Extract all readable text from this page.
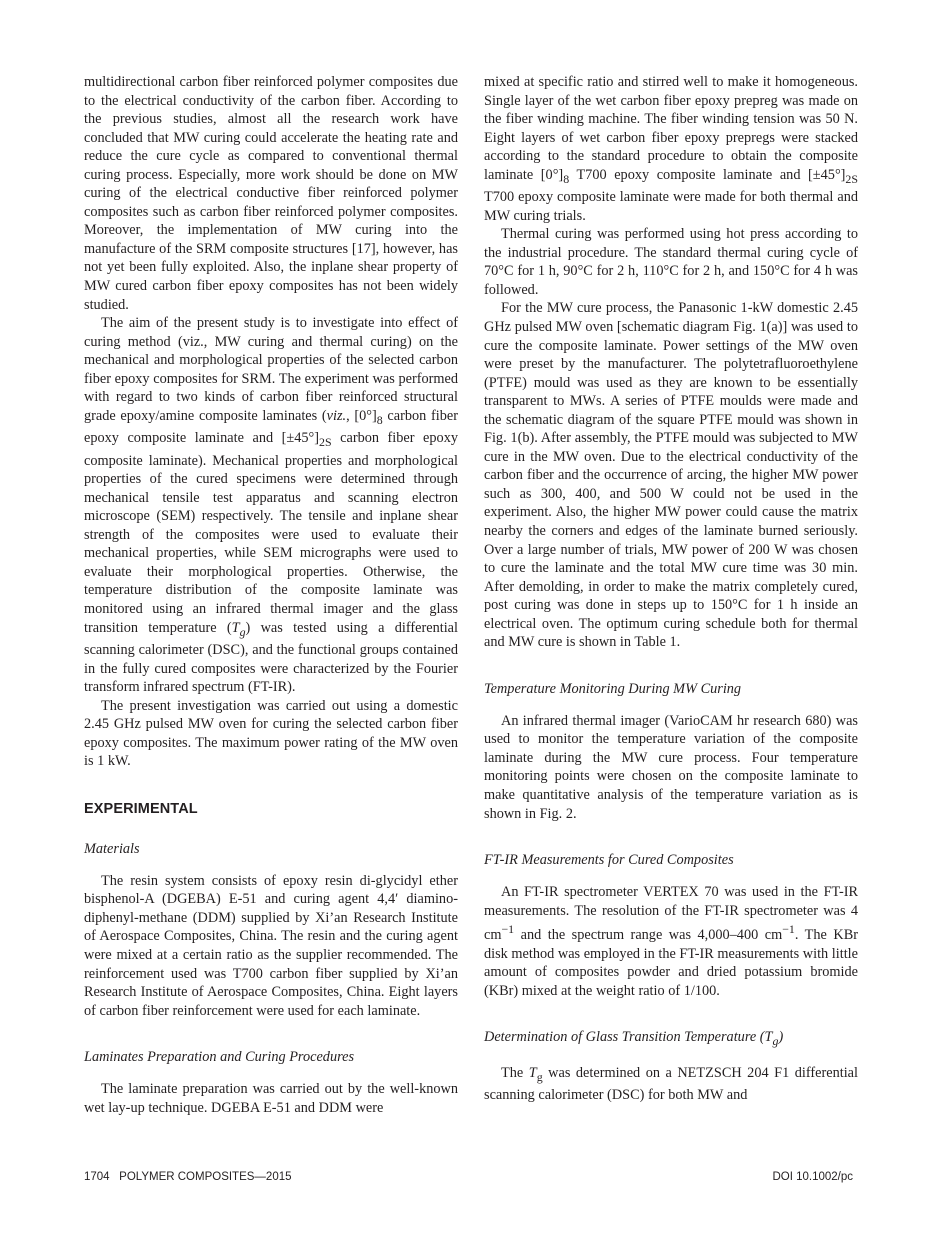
multidirectional carbon fiber reinforced polymer composites due to the electrical conductivity of the carbon fiber. According to the previous studies, almost all the research work have concluded that MW curing could accelerate the heating rate and reduce the cure cycle as compared to conventional thermal curing process. Especially, more work should be done on MW curing of the electrical conductive fiber reinforced polymer composites such as carbon fiber reinforced polymer composites. Moreover, the implementation of MW curing into the manufacture of the SRM composite structures [17], however, has not yet been fully exploited. Also, the inplane shear property of MW cured carbon fiber epoxy composites has not been widely studied.

The aim of the present study is to investigate into effect of curing method (viz., MW curing and thermal curing) on the mechanical and morphological properties of the selected carbon fiber epoxy composites for SRM. The experiment was performed with regard to two kinds of carbon fiber reinforced structural grade epoxy/amine composite laminates (viz., $[0^\circ]_8$ carbon fiber epoxy composite laminate and $[\pm 45^\circ]_{2S}$ carbon fiber epoxy composite laminate). Mechanical properties and morphological properties of the cured specimens were determined through mechanical tensile test apparatus and scanning electron microscope (SEM) respectively. The tensile and inplane shear strength of the composites were used to evaluate their mechanical properties, while SEM micrographs were used to evaluate their morphological properties. Otherwise, the temperature distribution of the composite laminate was monitored using an infrared thermal imager and the glass transition temperature $(T_g)$ was tested using a differential scanning calorimeter (DSC), and the functional groups contained in the fully cured composites were characterized by the Fourier transform infrared spectrum (FT-IR).

The present investigation was carried out using a domestic 2.45 GHz pulsed MW oven for curing the selected carbon fiber epoxy composites. The maximum power rating of the MW oven is 1 kW.

EXPERIMENTAL
Materials

The resin system consists of epoxy resin di-glycidyl ether bisphenol-A (DGEBA) E-51 and curing agent 4,4′ diamino-diphenyl-methane (DDM) supplied by Xi’an Research Institute of Aerospace Composites, China. The resin and the curing agent were mixed at a certain ratio as the supplier recommended. The reinforcement used was T700 carbon fiber supplied by Xi’an Research Institute of Aerospace Composites, China. Eight layers of carbon fiber reinforcement were used for each laminate.

Laminates Preparation and Curing Procedures

The laminate preparation was carried out by the well-known wet lay-up technique. DGEBA E-51 and DDM were

mixed at specific ratio and stirred well to make it homogeneous. Single layer of the wet carbon fiber epoxy prepreg was made on the fiber winding machine. The fiber winding tension was 50 N. Eight layers of wet carbon fiber epoxy prepregs were stacked according to the standard procedure to obtain the composite laminate $[0^\circ]_8$ T700 epoxy composite laminate and $[\pm 45^\circ]_{2S}$ T700 epoxy composite laminate were made for both thermal and MW curing trials.

Thermal curing was performed using hot press according to the industrial procedure. The standard thermal curing cycle of 70°C for 1 h, 90°C for 2 h, 110°C for 2 h, and 150°C for 4 h was followed.

For the MW cure process, the Panasonic 1-kW domestic 2.45 GHz pulsed MW oven [schematic diagram Fig. 1(a)] was used to cure the composite laminate. Power settings of the MW oven were preset by the manufacturer. The polytetrafluoroethylene (PTFE) mould was used as they are known to be essentially transparent to MWs. A series of PTFE moulds were made and the schematic diagram of the square PTFE mould was shown in Fig. 1(b). After assembly, the PTFE mould was subjected to MW cure in the MW oven. Due to the electrical conductivity of the carbon fiber and the occurrence of arcing, the higher MW power such as 300, 400, and 500 W could not be used in the experiment. Also, the higher MW power could cause the matrix nearby the corners and edges of the laminate burned seriously. Over a large number of trials, MW power of 200 W was chosen to cure the laminate and the total MW cure time was 30 min. After demolding, in order to make the matrix completely cured, post curing was done in steps up to 150°C for 1 h inside an electrical oven. The optimum curing schedule both for thermal and MW cure is shown in Table 1.

Temperature Monitoring During MW Curing

An infrared thermal imager (VarioCAM hr research 680) was used to monitor the temperature variation of the composite laminate during the MW cure process. Four temperature monitoring points were chosen on the composite laminate to make quantitative analysis of the temperature variation as is shown in Fig. 2.

FT-IR Measurements for Cured Composites

An FT-IR spectrometer VERTEX 70 was used in the FT-IR measurements. The resolution of the FT-IR spectrometer was 4 $cm^{-1}$ and the spectrum range was 4,000–400 $cm^{-1}$. The KBr disk method was employed in the FT-IR measurements with little amount of composites powder and dried potassium bromide (KBr) mixed at the weight ratio of 1/100.

Determination of Glass Transition Temperature $(T_g)$

The $T_g$ was determined on a NETZSCH 204 F1 differential scanning calorimeter (DSC) for both MW and

1704   POLYMER COMPOSITES—2015	DOI 10.1002/pc
